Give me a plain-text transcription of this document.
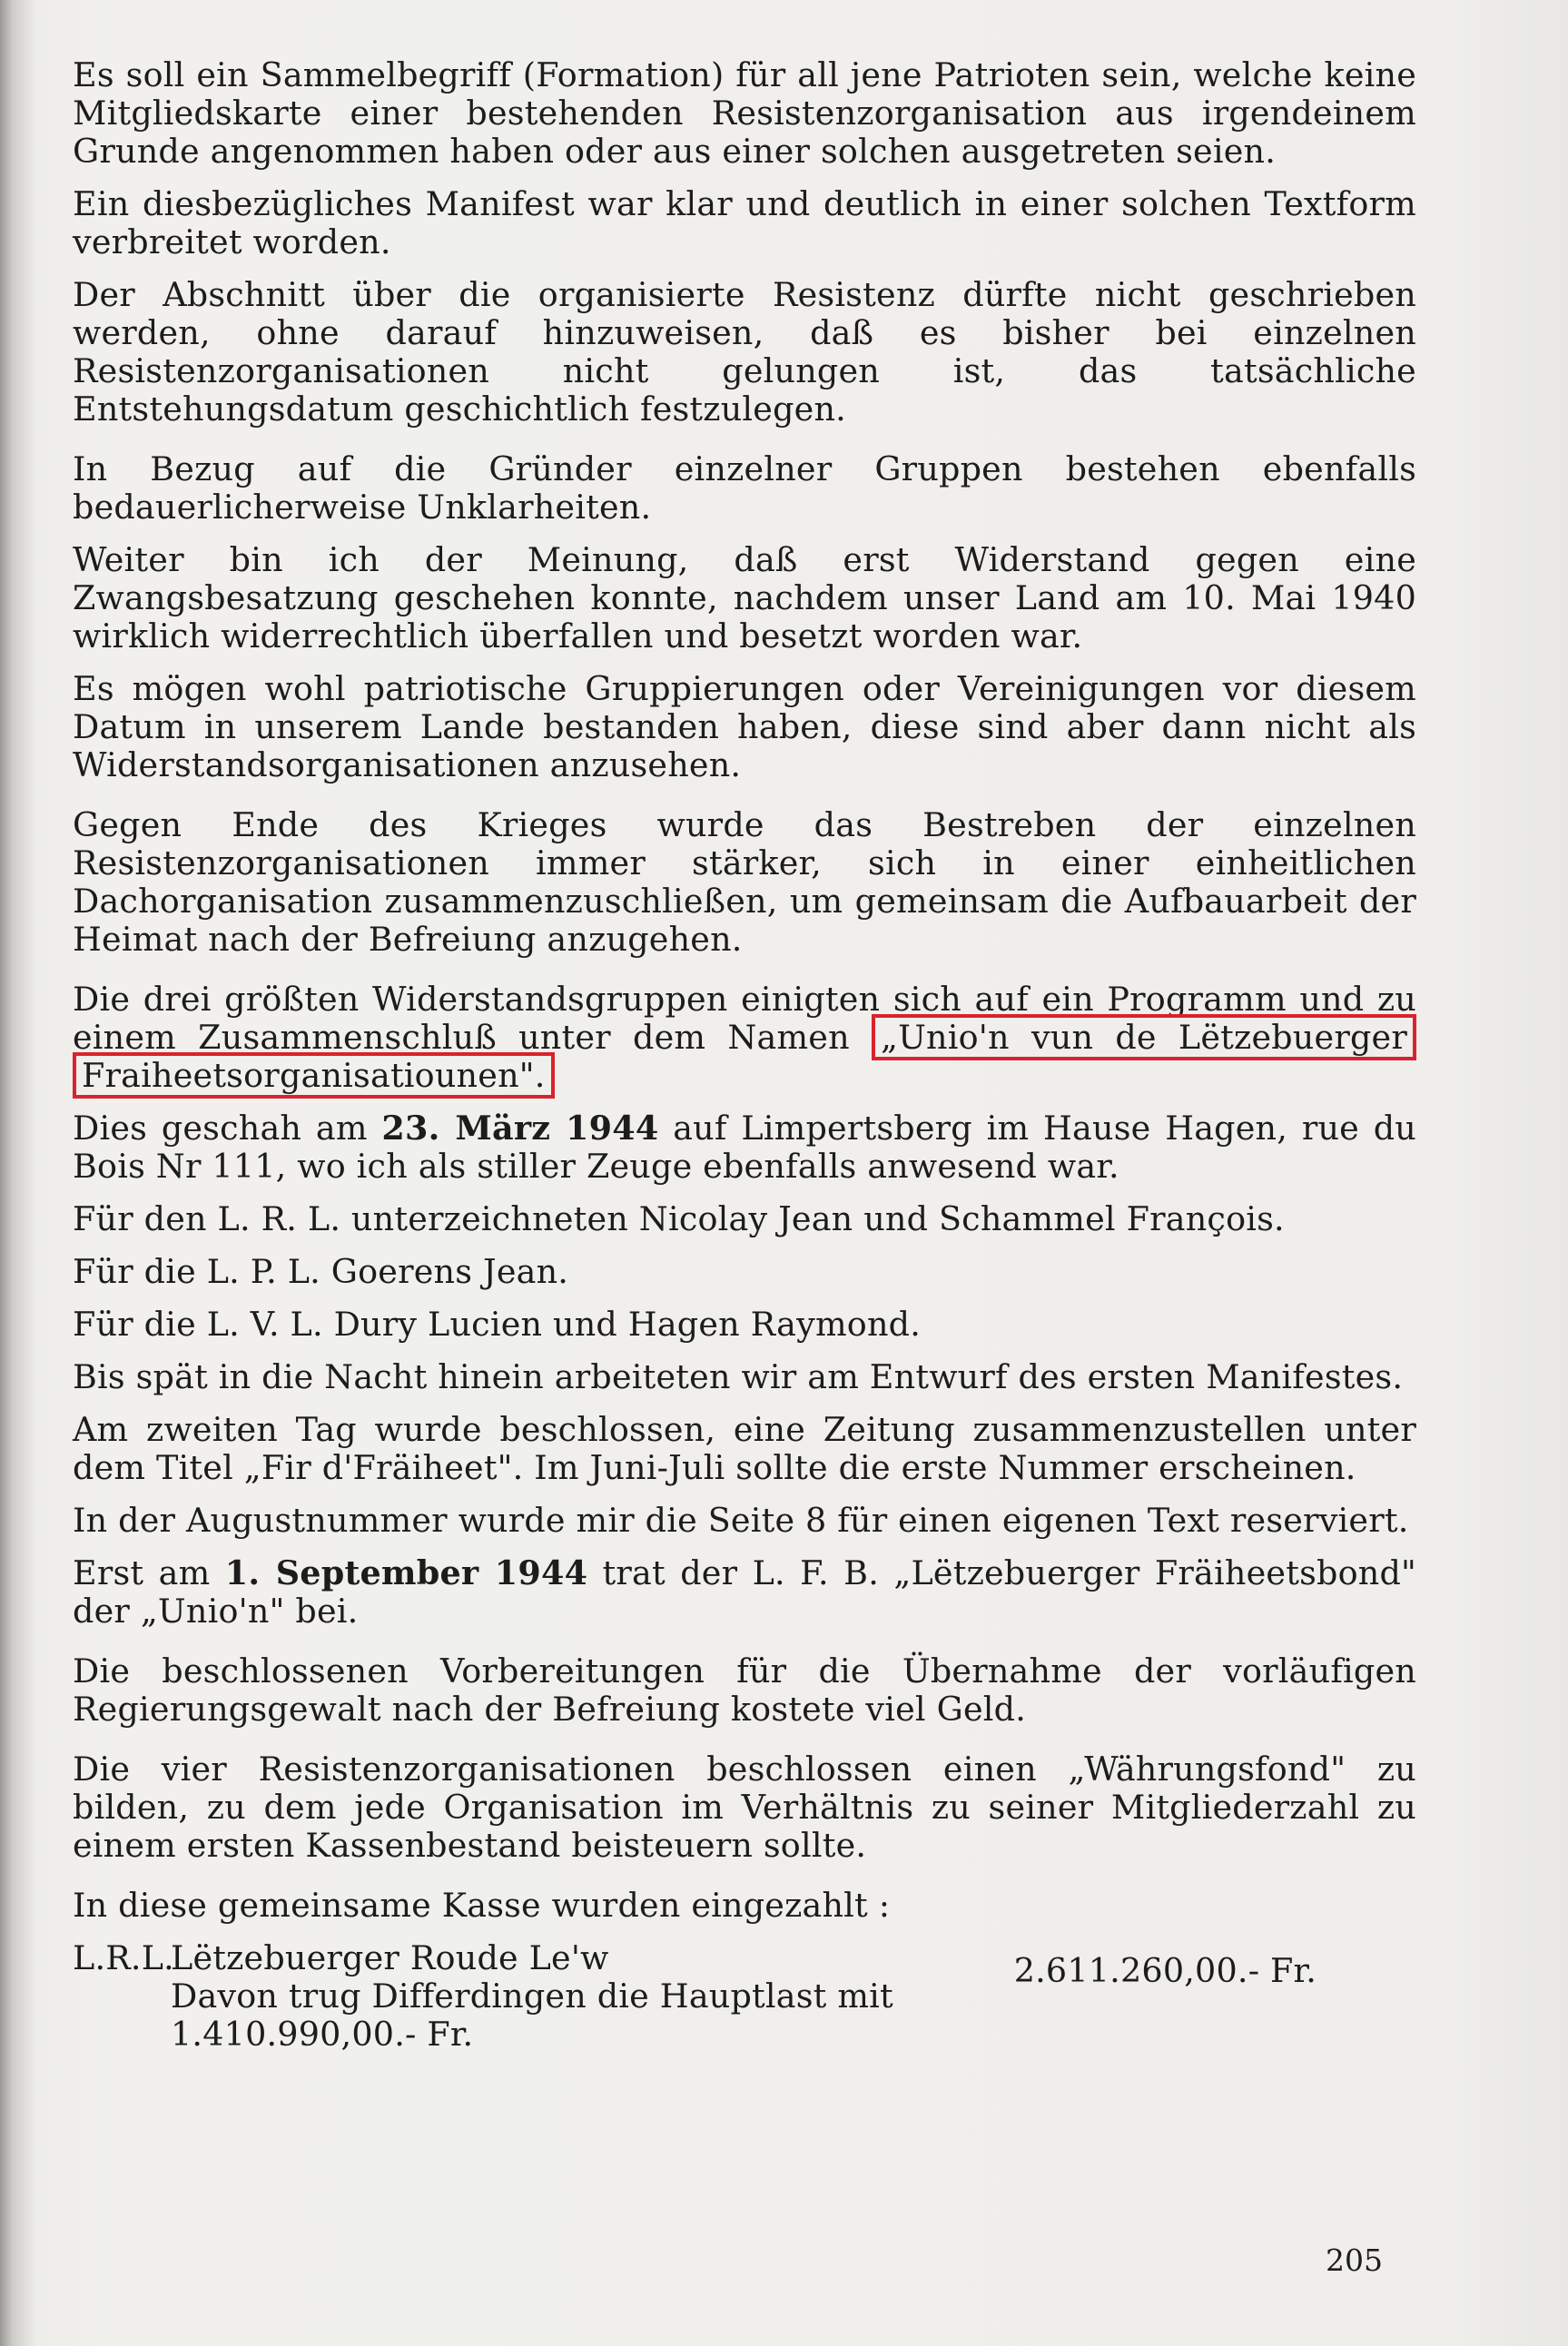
Es soll ein Sammelbegriff (Formation) für all jene Patrioten sein, welche keine Mitgliedskarte einer bestehenden Resistenzorganisation aus irgendeinem Grunde angenommen haben oder aus einer solchen ausgetreten seien.

Ein diesbezügliches Manifest war klar und deutlich in einer solchen Textform verbreitet worden.

Der Abschnitt über die organisierte Resistenz dürfte nicht geschrieben werden, ohne darauf hinzuweisen, daß es bisher bei einzelnen Resistenzorganisationen nicht gelungen ist, das tatsächliche Entstehungsdatum geschichtlich festzulegen.

In Bezug auf die Gründer einzelner Gruppen bestehen ebenfalls bedauerlicherweise Unklarheiten.

Weiter bin ich der Meinung, daß erst Widerstand gegen eine Zwangsbesatzung geschehen konnte, nachdem unser Land am 10. Mai 1940 wirklich widerrechtlich überfallen und besetzt worden war.

Es mögen wohl patriotische Gruppierungen oder Vereinigungen vor diesem Datum in unserem Lande bestanden haben, diese sind aber dann nicht als Widerstandsorganisationen anzusehen.

Gegen Ende des Krieges wurde das Bestreben der einzelnen Resistenzorganisationen immer stärker, sich in einer einheitlichen Dachorganisation zusammenzuschließen, um gemeinsam die Aufbauarbeit der Heimat nach der Befreiung anzugehen.

Die drei größten Widerstandsgruppen einigten sich auf ein Programm und zu einem Zusammenschluß unter dem Namen „Unio'n vun de Lëtzebuerger Fraiheetsorganisatiounen".

Dies geschah am 23. März 1944 auf Limpertsberg im Hause Hagen, rue du Bois Nr 111, wo ich als stiller Zeuge ebenfalls anwesend war.

Für den L. R. L. unterzeichneten Nicolay Jean und Schammel François.

Für die L. P. L. Goerens Jean.

Für die L. V. L. Dury Lucien und Hagen Raymond.

Bis spät in die Nacht hinein arbeiteten wir am Entwurf des ersten Manifestes.

Am zweiten Tag wurde beschlossen, eine Zeitung zusammenzustellen unter dem Titel „Fir d'Fräiheet". Im Juni-Juli sollte die erste Nummer erscheinen.

In der Augustnummer wurde mir die Seite 8 für einen eigenen Text reserviert.

Erst am 1. September 1944 trat der L. F. B. „Lëtzebuerger Fräiheetsbond" der „Unio'n" bei.

Die beschlossenen Vorbereitungen für die Übernahme der vorläufigen Regierungsgewalt nach der Befreiung kostete viel Geld.

Die vier Resistenzorganisationen beschlossen einen „Währungsfond" zu bilden, zu dem jede Organisation im Verhältnis zu seiner Mitgliederzahl zu einem ersten Kassenbestand beisteuern sollte.

In diese gemeinsame Kasse wurden eingezahlt :

L.R.L.Lëtzebuerger Roude Le'w	2.611.260,00.- Fr.
Davon trug Differdingen die Hauptlast mit
1.410.990,00.- Fr.
205
